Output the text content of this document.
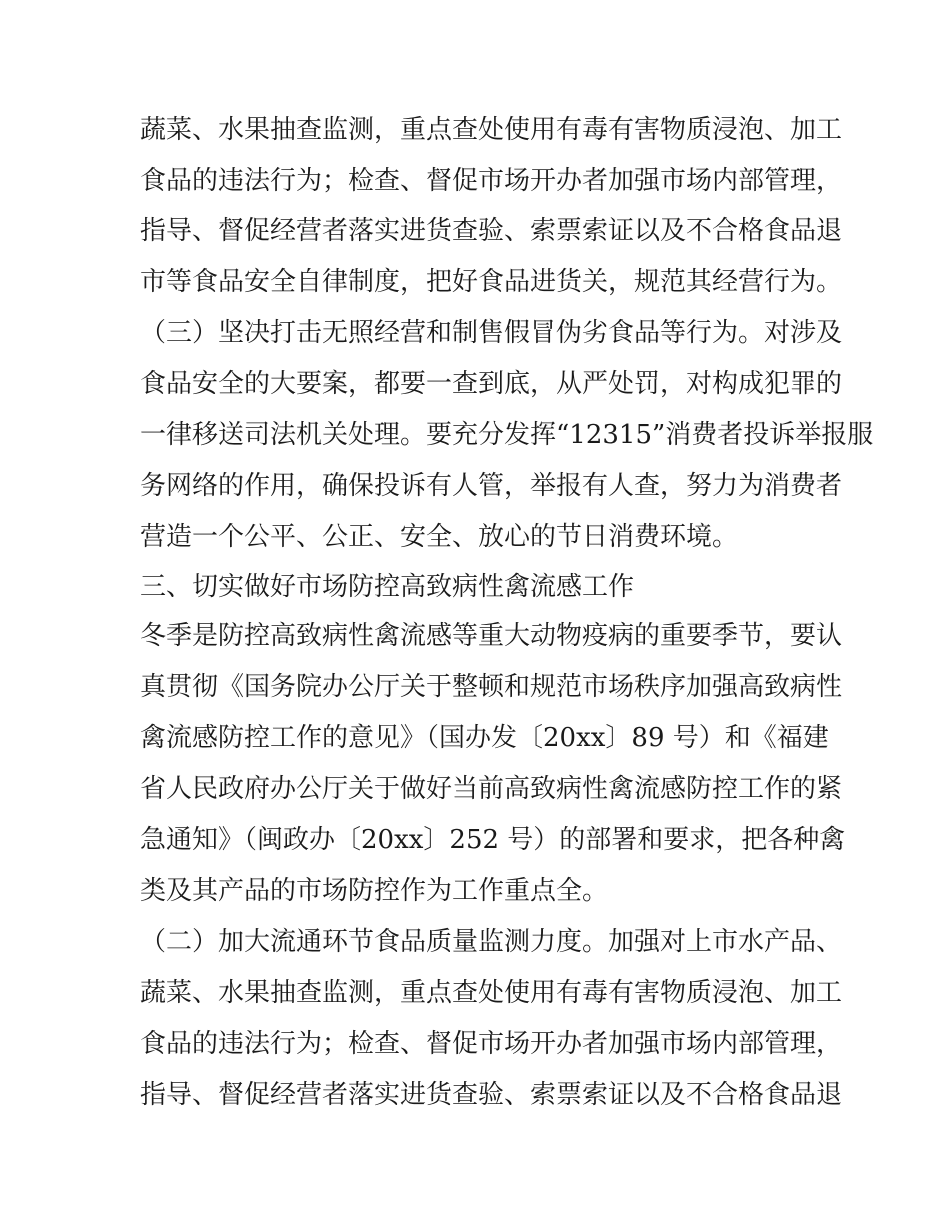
蔬菜、水果抽查监测，重点查处使用有毒有害物质浸泡、加工
食品的违法行为；检查、督促市场开办者加强市场内部管理，
指导、督促经营者落实进货查验、索票索证以及不合格食品退
市等食品安全自律制度，把好食品进货关，规范其经营行为。
（三）坚决打击无照经营和制售假冒伪劣食品等行为。对涉及
食品安全的大要案，都要一查到底，从严处罚，对构成犯罪的
一律移送司法机关处理。要充分发挥“12315”消费者投诉举报服
务网络的作用，确保投诉有人管，举报有人查，努力为消费者
营造一个公平、公正、安全、放心的节日消费环境。
三、切实做好市场防控高致病性禽流感工作
冬季是防控高致病性禽流感等重大动物疫病的重要季节，要认
真贯彻《国务院办公厅关于整顿和规范市场秩序加强高致病性
禽流感防控工作的意见》（国办发〔20xx〕89 号）和《福建
省人民政府办公厅关于做好当前高致病性禽流感防控工作的紧
急通知》（闽政办〔20xx〕252 号）的部署和要求，把各种禽
类及其产品的市场防控作为工作重点全。
（二）加大流通环节食品质量监测力度。加强对上市水产品、
蔬菜、水果抽查监测，重点查处使用有毒有害物质浸泡、加工
食品的违法行为；检查、督促市场开办者加强市场内部管理，
指导、督促经营者落实进货查验、索票索证以及不合格食品退
